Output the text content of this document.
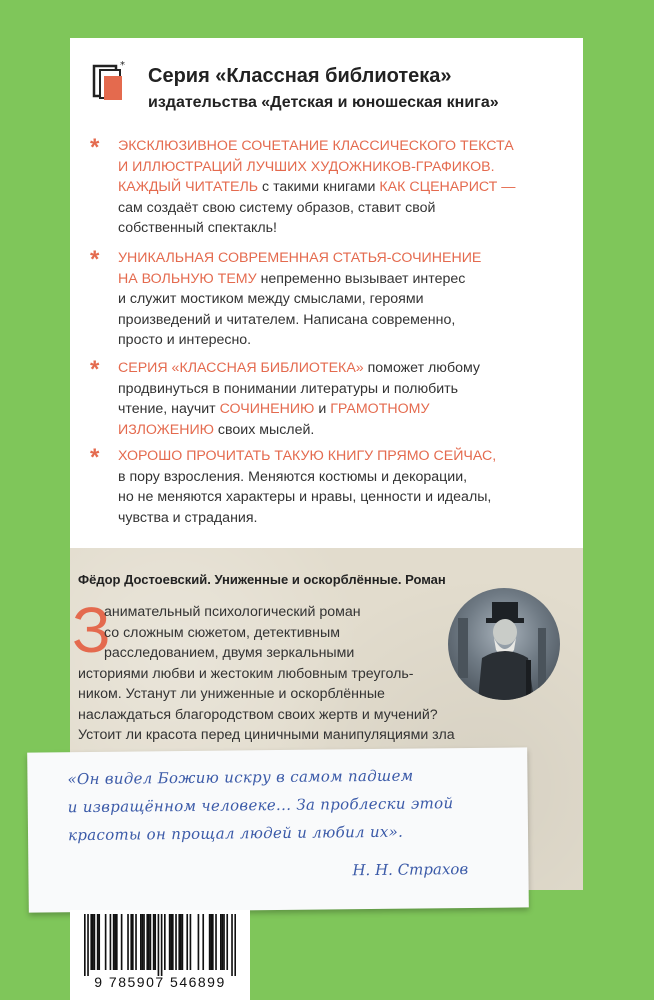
* Серия «Классная библиотека»
издательства «Детская и юношеская книга»
* ЭКСКЛЮЗИВНОЕ СОЧЕТАНИЕ КЛАССИЧЕСКОГО ТЕКСТА
И ИЛЛЮСТРАЦИЙ ЛУЧШИХ ХУДОЖНИКОВ-ГРАФИКОВ.
КАЖДЫЙ ЧИТАТЕЛЬ с такими книгами КАК СЦЕНАРИСТ —
сам создаёт свою систему образов, ставит свой
собственный спектакль!
* УНИКАЛЬНАЯ СОВРЕМЕННАЯ СТАТЬЯ-СОЧИНЕНИЕ
НА ВОЛЬНУЮ ТЕМУ непременно вызывает интерес
и служит мостиком между смыслами, героями
произведений и читателем. Написана современно,
просто и интересно.
* СЕРИЯ «КЛАССНАЯ БИБЛИОТЕКА» поможет любому
продвинуться в понимании литературы и полюбить
чтение, научит СОЧИНЕНИЮ и ГРАМОТНОМУ
ИЗЛОЖЕНИЮ своих мыслей.
* ХОРОШО ПРОЧИТАТЬ ТАКУЮ КНИГУ ПРЯМО СЕЙЧАС,
в пору взросления. Меняются костюмы и декорации,
но не меняются характеры и нравы, ценности и идеалы,
чувства и страдания.
Фёдор Достоевский. Униженные и оскорблённые. Роман
З
анимательный психологический роман
со сложным сюжетом, детективным
расследованием, двумя зеркальными
историями любви и жестоким любовным треуголь-
ником. Устанут ли униженные и оскорблённые
наслаждаться благородством своих жертв и мучений?
Устоит ли красота перед циничными манипуляциями зла
«Он видел Божию искру в самом падшем
и извращённом человеке... За проблески этой
красоты он прощал людей и любил их».
Н. Н. Страхов
9 785907 546899
